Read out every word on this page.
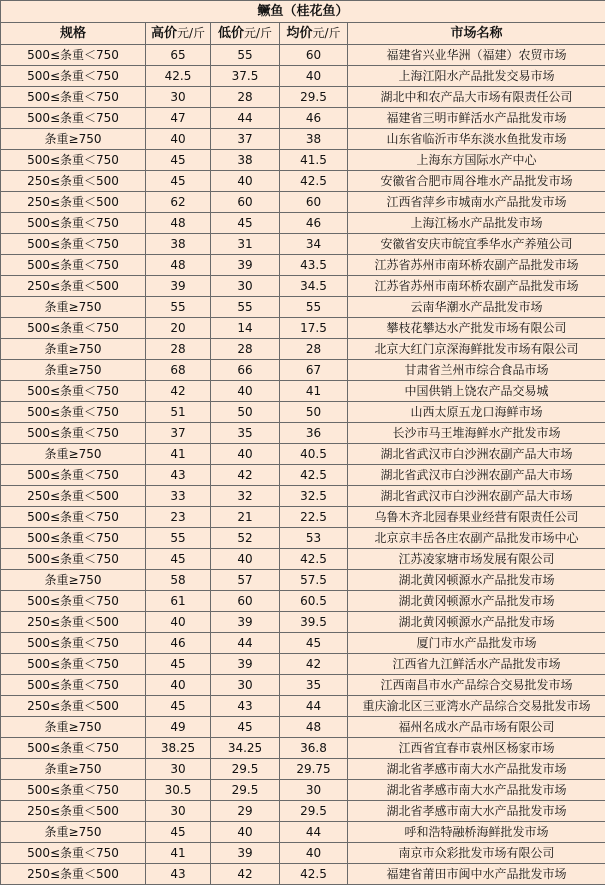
鳜鱼（桂花鱼）				
规格	高价元/斤	低价元/斤	均价元/斤	市场名称
500≤条重＜750	65	55	60	福建省兴业华洲（福建）农贸市场
500≤条重＜750	42.5	37.5	40	上海江阳水产品批发交易市场
500≤条重＜750	30	28	29.5	湖北中和农产品大市场有限责任公司
500≤条重＜750	47	44	46	福建省三明市鲜活水产品批发市场
条重≥750	40	37	38	山东省临沂市华东淡水鱼批发市场
500≤条重＜750	45	38	41.5	上海东方国际水产中心
250≤条重＜500	45	40	42.5	安徽省合肥市周谷堆水产品批发市场
250≤条重＜500	62	60	60	江西省萍乡市城南水产品批发市场
500≤条重＜750	48	45	46	上海江杨水产品批发市场
500≤条重＜750	38	31	34	安徽省安庆市皖宜季华水产养殖公司
500≤条重＜750	48	39	43.5	江苏省苏州市南环桥农副产品批发市场
250≤条重＜500	39	30	34.5	江苏省苏州市南环桥农副产品批发市场
条重≥750	55	55	55	云南华潮水产品批发市场
500≤条重＜750	20	14	17.5	攀枝花攀达水产批发市场有限公司
条重≥750	28	28	28	北京大红门京深海鲜批发市场有限公司
条重≥750	68	66	67	甘肃省兰州市综合食品市场
500≤条重＜750	42	40	41	中国供销上饶农产品交易城
500≤条重＜750	51	50	50	山西太原五龙口海鲜市场
500≤条重＜750	37	35	36	长沙市马王堆海鲜水产批发市场
条重≥750	41	40	40.5	湖北省武汉市白沙洲农副产品大市场
500≤条重＜750	43	42	42.5	湖北省武汉市白沙洲农副产品大市场
250≤条重＜500	33	32	32.5	湖北省武汉市白沙洲农副产品大市场
500≤条重＜750	23	21	22.5	乌鲁木齐北园春果业经营有限责任公司
500≤条重＜750	55	52	53	北京京丰岳各庄农副产品批发市场中心
500≤条重＜750	45	40	42.5	江苏凌家塘市场发展有限公司
条重≥750	58	57	57.5	湖北黄冈顿源水产品批发市场
500≤条重＜750	61	60	60.5	湖北黄冈顿源水产品批发市场
250≤条重＜500	40	39	39.5	湖北黄冈顿源水产品批发市场
500≤条重＜750	46	44	45	厦门市水产品批发市场
500≤条重＜750	45	39	42	江西省九江鲜活水产品批发市场
500≤条重＜750	40	30	35	江西南昌市水产品综合交易批发市场
250≤条重＜500	45	43	44	重庆渝北区三亚湾水产品综合交易批发市场
条重≥750	49	45	48	福州名成水产品市场有限公司
500≤条重＜750	38.25	34.25	36.8	江西省宜春市袁州区杨家市场
条重≥750	30	29.5	29.75	湖北省孝感市南大水产品批发市场
500≤条重＜750	30.5	29.5	30	湖北省孝感市南大水产品批发市场
250≤条重＜500	30	29	29.5	湖北省孝感市南大水产品批发市场
条重≥750	45	40	44	呼和浩特融桥海鲜批发市场
500≤条重＜750	41	39	40	南京市众彩批发市场有限公司
250≤条重＜500	43	42	42.5	福建省莆田市闽中水产品批发市场
